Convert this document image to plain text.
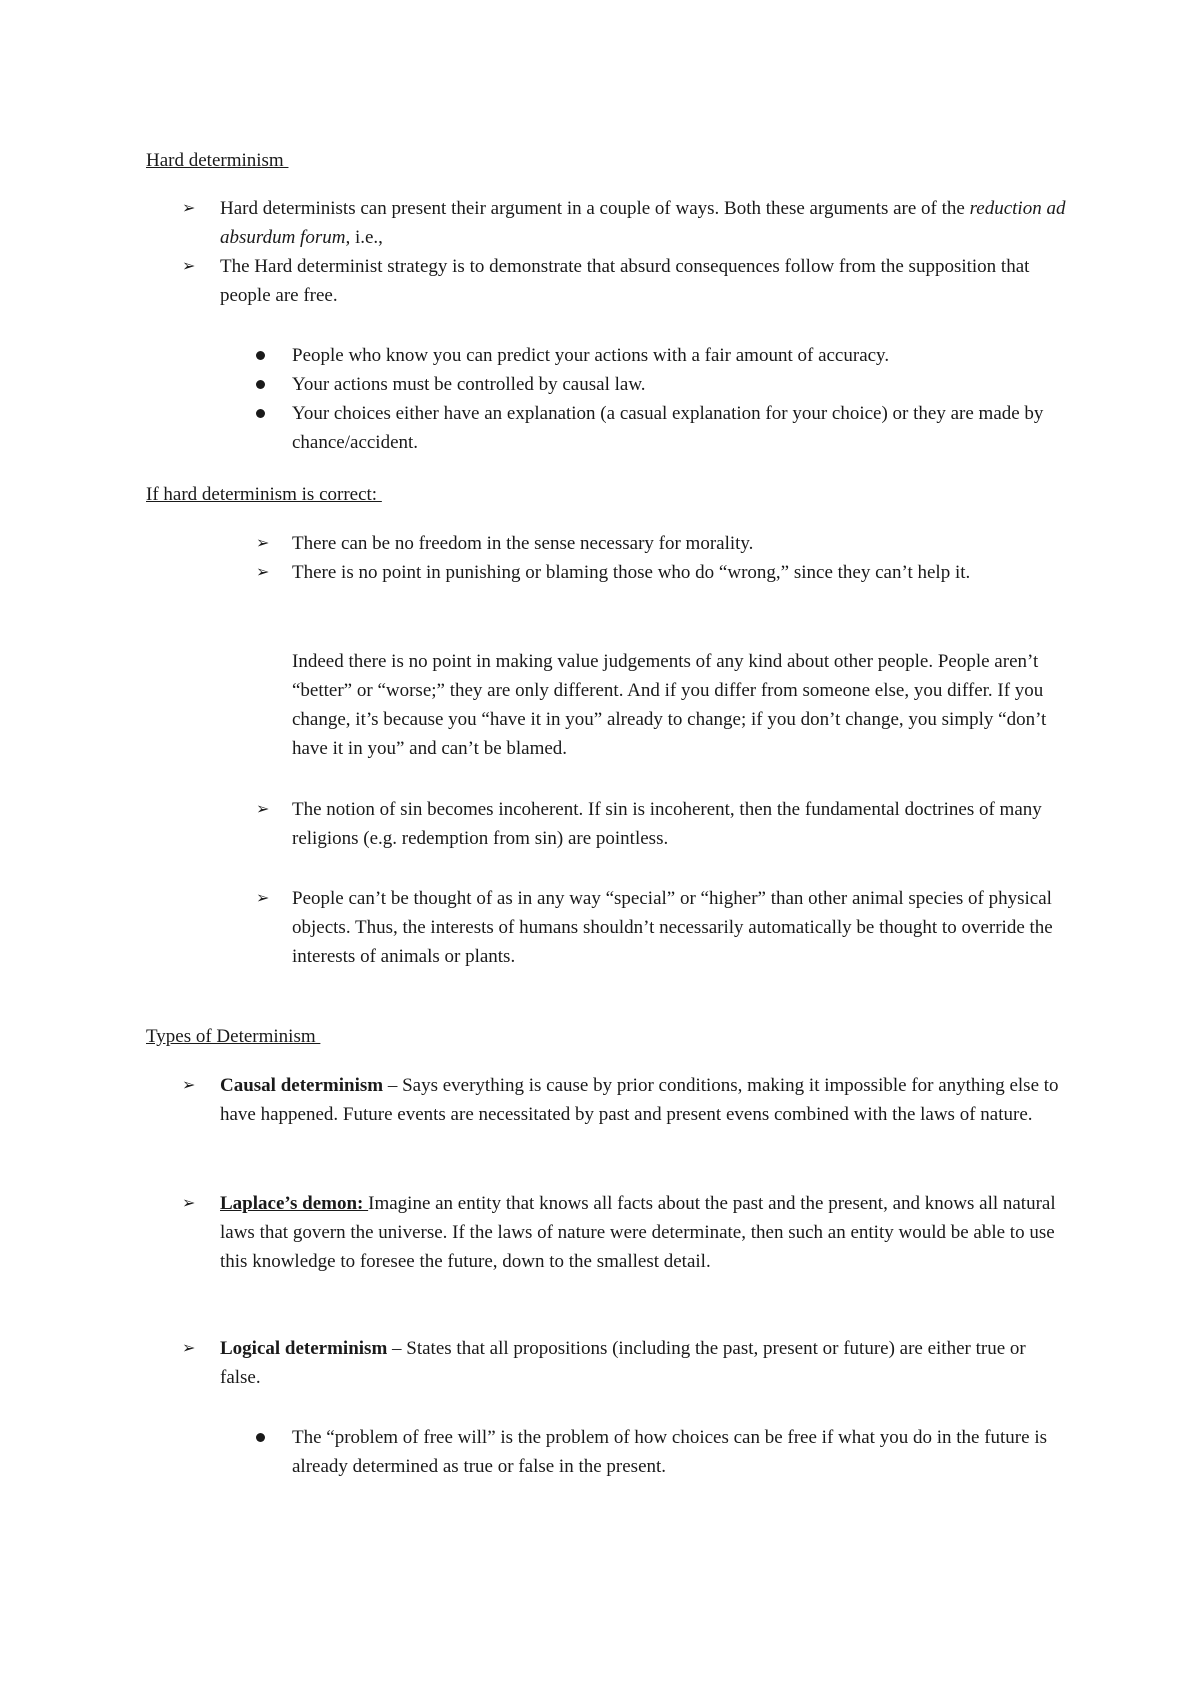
Hard determinism
➢ Hard determinists can present their argument in a couple of ways. Both these arguments are of the reduction ad absurdum forum, i.e.,

➢ The Hard determinist strategy is to demonstrate that absurd consequences follow from the supposition that people are free.

People who know you can predict your actions with a fair amount of accuracy.

Your actions must be controlled by causal law.

Your choices either have an explanation (a casual explanation for your choice) or they are made by chance/accident.

If hard determinism is correct:
➢ There can be no freedom in the sense necessary for morality.

➢ There is no point in punishing or blaming those who do “wrong,” since they can’t help it.

Indeed there is no point in making value judgements of any kind about other people. People aren’t “better” or “worse;” they are only different. And if you differ from someone else, you differ. If you change, it’s because you “have it in you” already to change; if you don’t change, you simply “don’t have it in you” and can’t be blamed.

➢ The notion of sin becomes incoherent. If sin is incoherent, then the fundamental doctrines of many religions (e.g. redemption from sin) are pointless.

➢ People can’t be thought of as in any way “special” or “higher” than other animal species of physical objects. Thus, the interests of humans shouldn’t necessarily automatically be thought to override the interests of animals or plants.

Types of Determinism
➢ Causal determinism – Says everything is cause by prior conditions, making it impossible for anything else to have happened. Future events are necessitated by past and present evens combined with the laws of nature.

➢ Laplace’s demon: Imagine an entity that knows all facts about the past and the present, and knows all natural laws that govern the universe. If the laws of nature were determinate, then such an entity would be able to use this knowledge to foresee the future, down to the smallest detail.

➢ Logical determinism – States that all propositions (including the past, present or future) are either true or false.

The “problem of free will” is the problem of how choices can be free if what you do in the future is already determined as true or false in the present.
